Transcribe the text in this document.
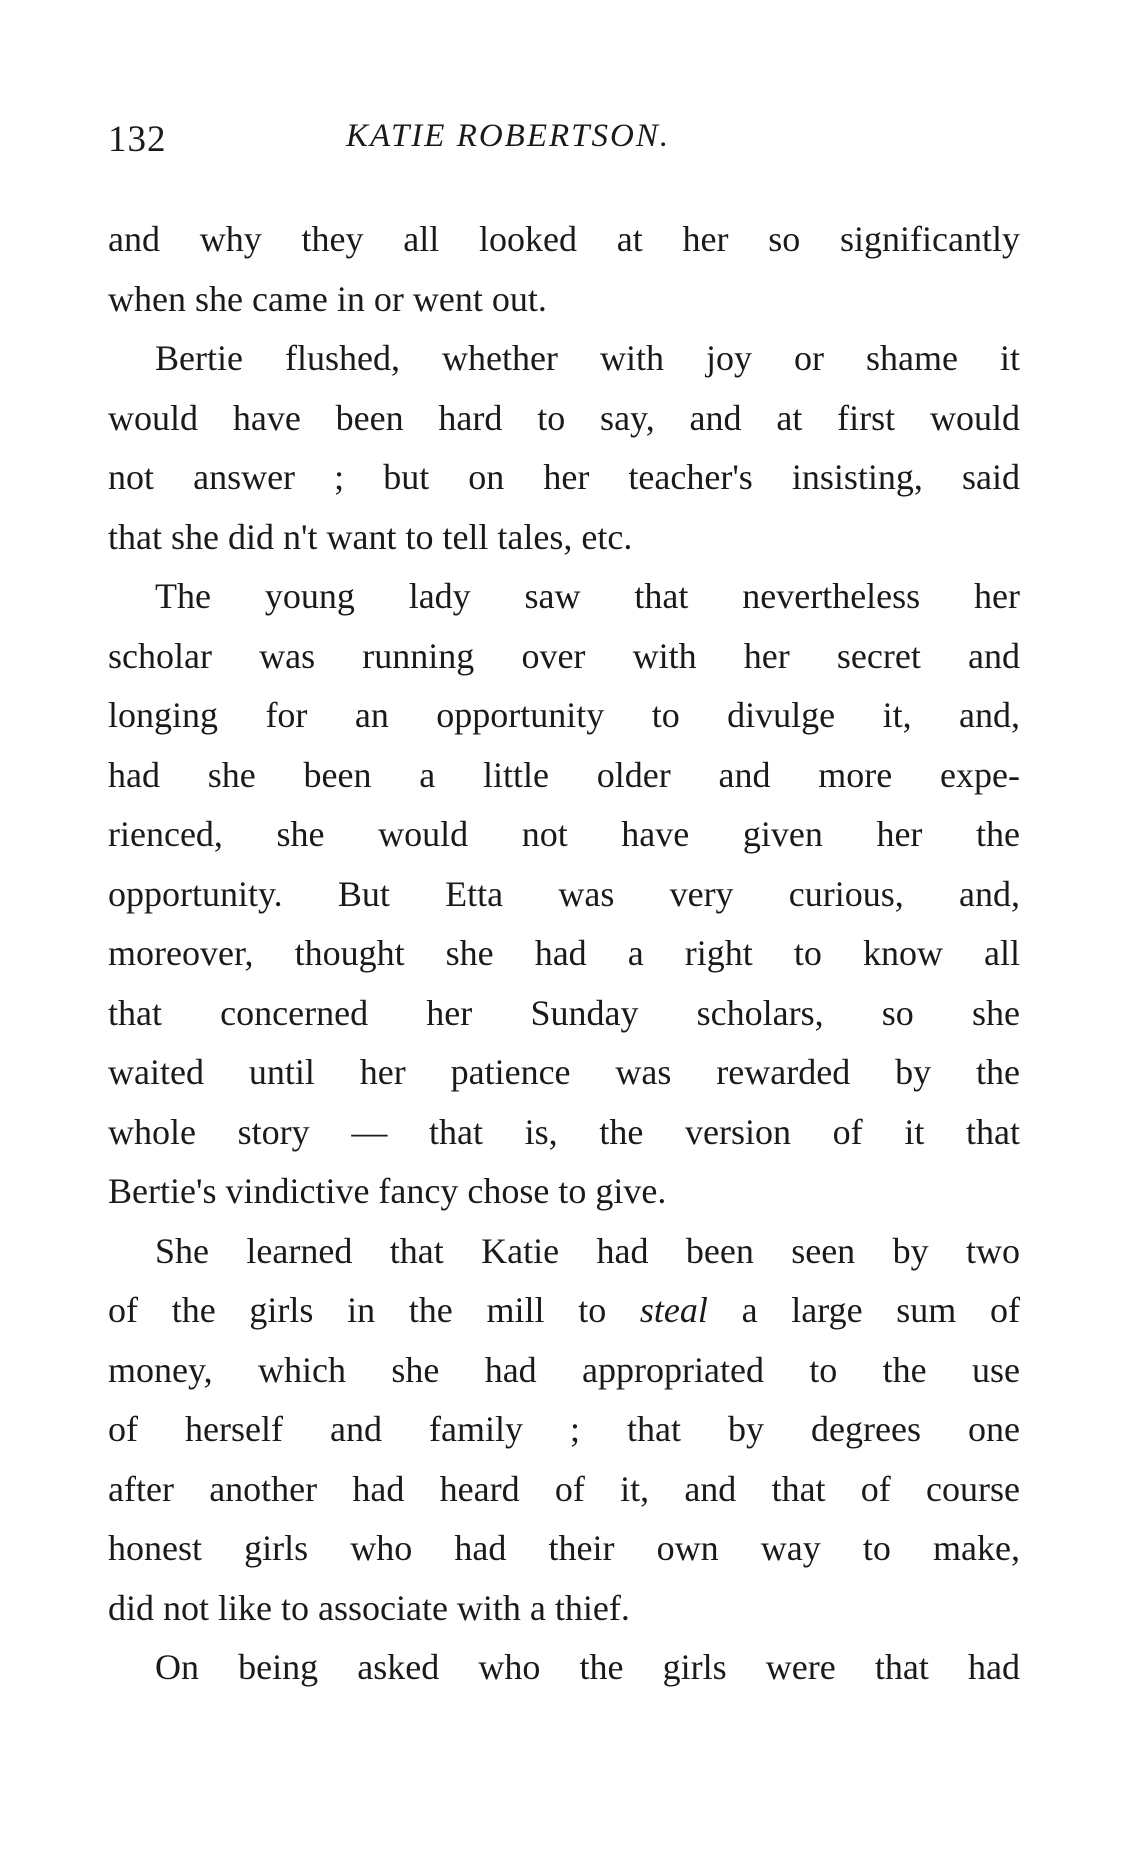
132	KATIE ROBERTSON.
and why they all looked at her so significantly
when she came in or went out.
Bertie flushed, whether with joy or shame it
would have been hard to say, and at first would
not answer ; but on her teacher's insisting, said
that she did n't want to tell tales, etc.
The young lady saw that nevertheless her
scholar was running over with her secret and
longing for an opportunity to divulge it, and,
had she been a little older and more expe-
rienced, she would not have given her the
opportunity. But Etta was very curious, and,
moreover, thought she had a right to know all
that concerned her Sunday scholars, so she
waited until her patience was rewarded by the
whole story — that is, the version of it that
Bertie's vindictive fancy chose to give.
She learned that Katie had been seen by two
of the girls in the mill to steal a large sum of
money, which she had appropriated to the use
of herself and family ; that by degrees one
after another had heard of it, and that of course
honest girls who had their own way to make,
did not like to associate with a thief.
On being asked who the girls were that had
